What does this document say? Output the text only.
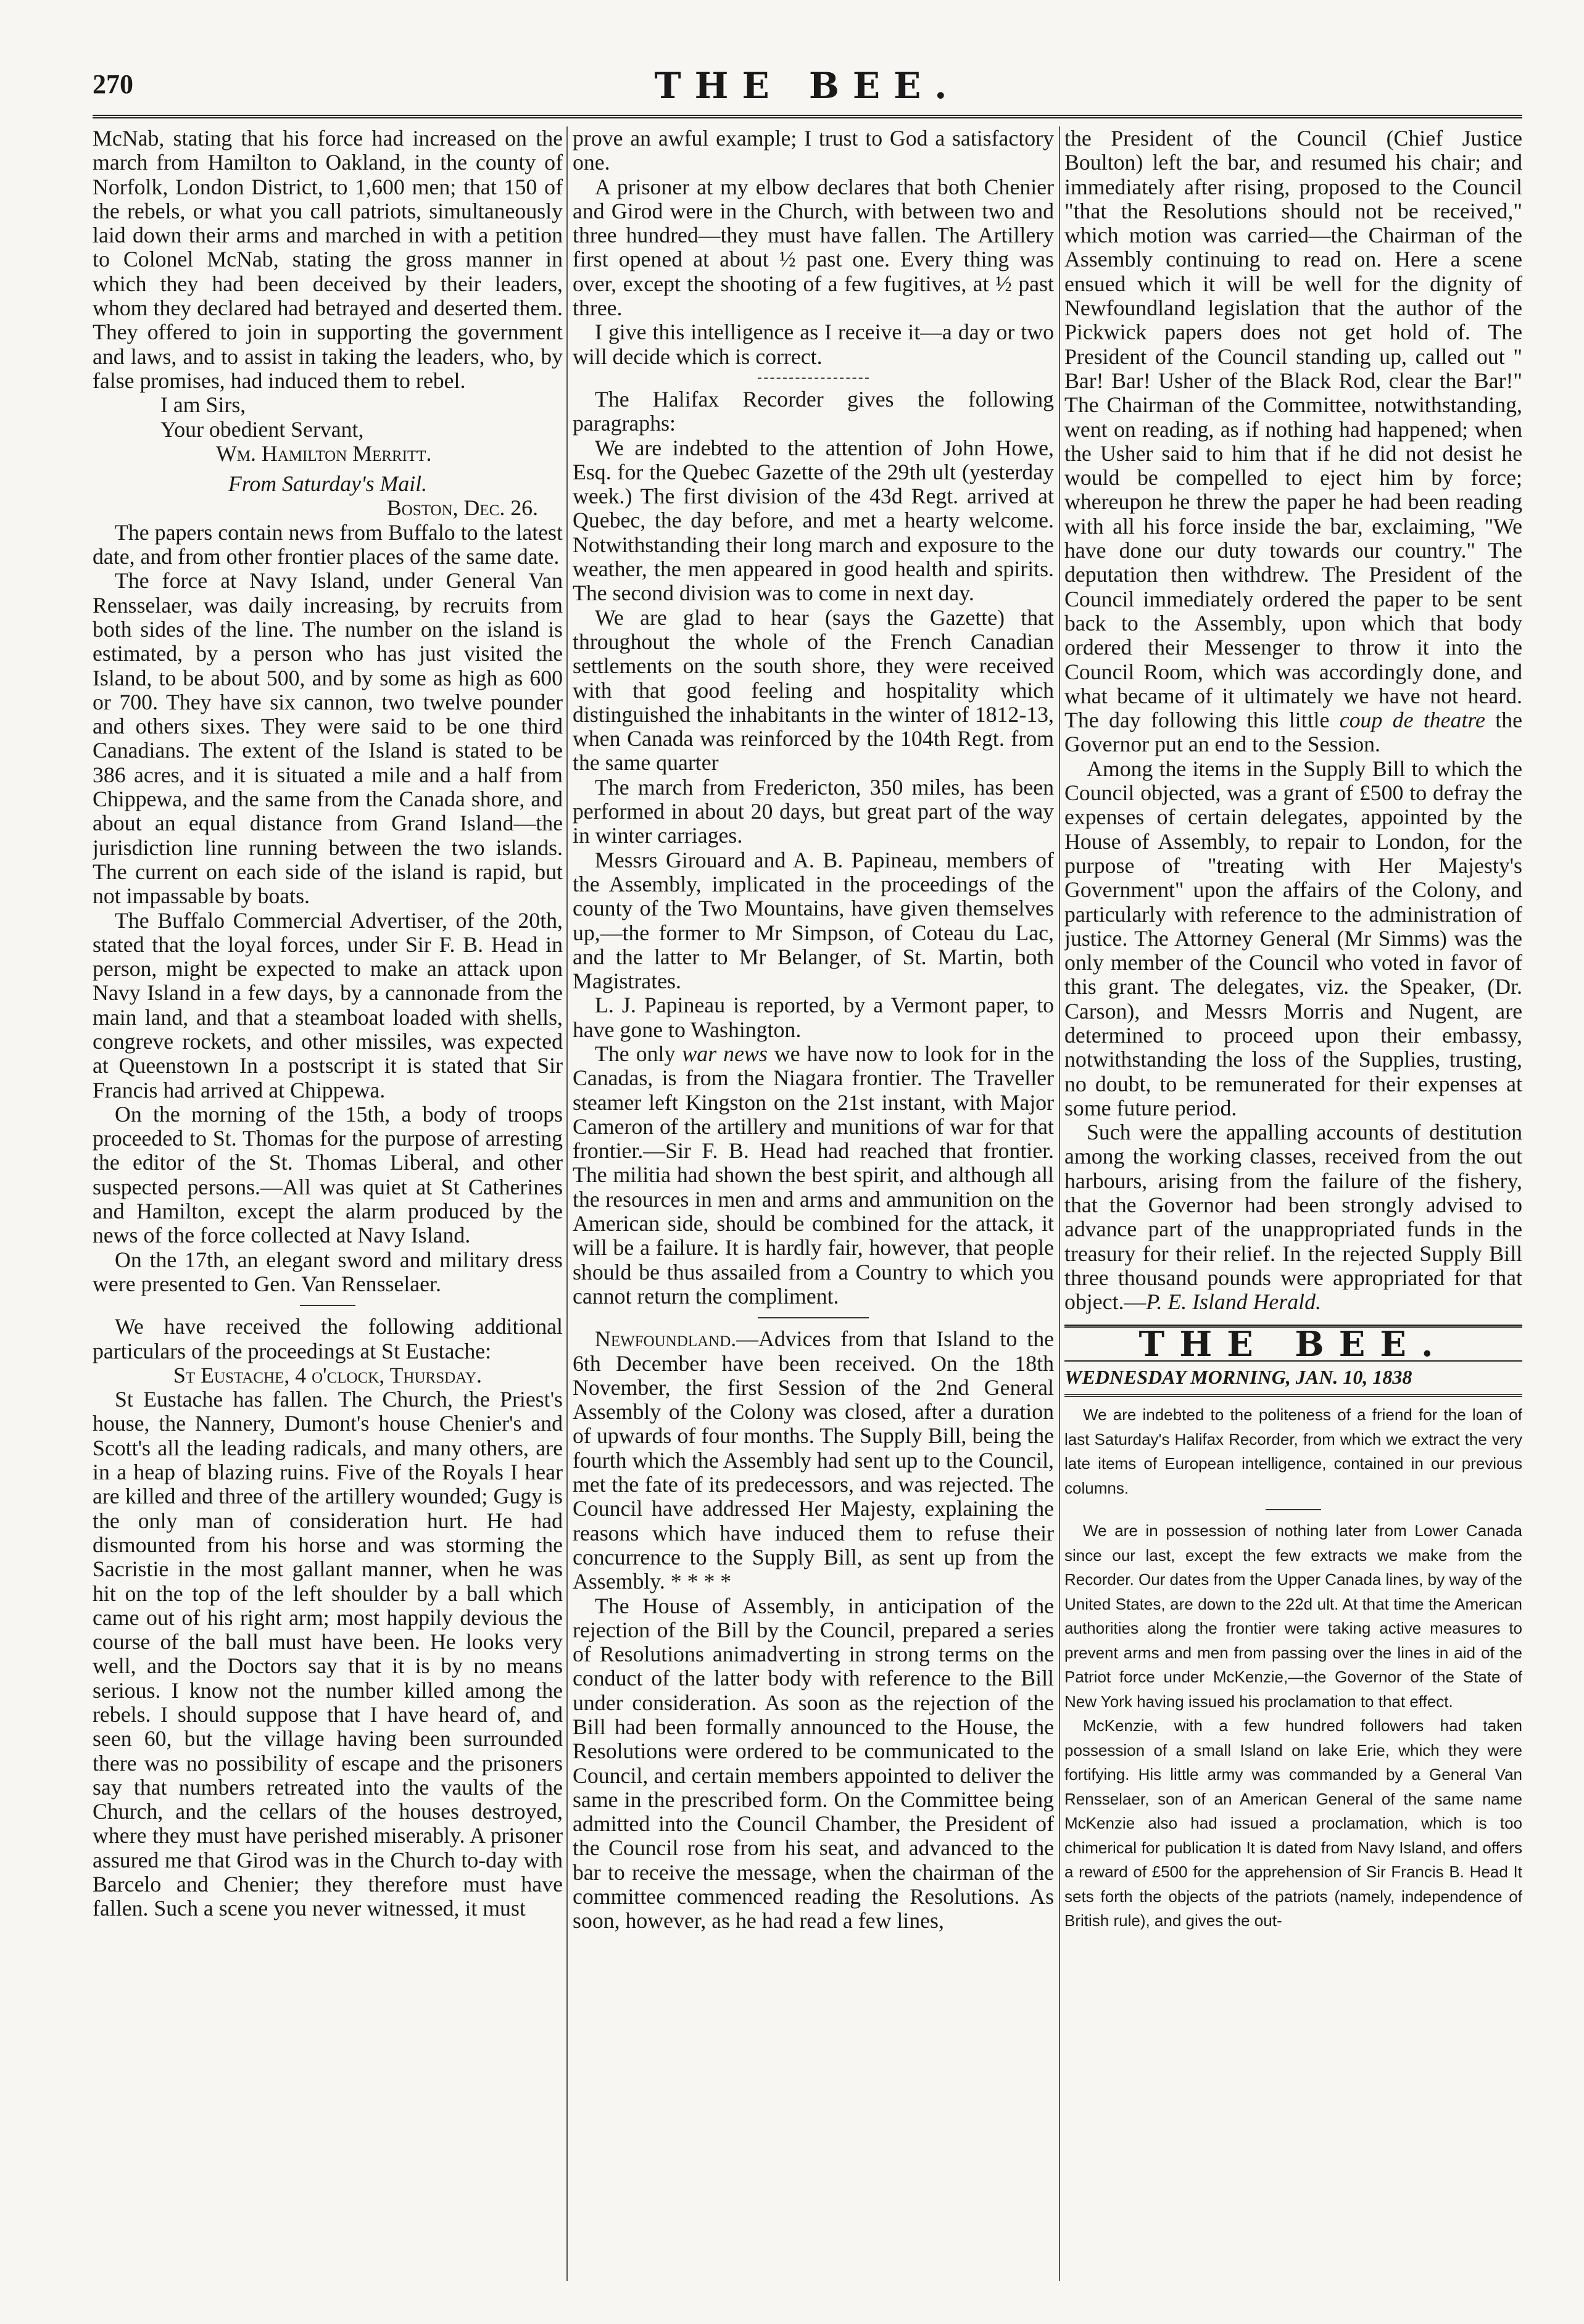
270	THE BEE.

McNab, stating that his force had increased on the march from Hamilton to Oakland, in the county of Norfolk, London District, to 1,600 men; that 150 of the rebels, or what you call patriots, simultaneously laid down their arms and marched in with a petition to Colonel McNab, stating the gross manner in which they had been deceived by their leaders, whom they declared had betrayed and deserted them. They offered to join in supporting the government and laws, and to assist in taking the leaders, who, by false promises, had induced them to rebel.

I am Sirs,

Your obedient Servant,

Wm. Hamilton Merritt.

From Saturday's Mail.

Boston, Dec. 26.

The papers contain news from Buffalo to the latest date, and from other frontier places of the same date.

The force at Navy Island, under General Van Rensselaer, was daily increasing, by recruits from both sides of the line. The number on the island is estimated, by a person who has just visited the Island, to be about 500, and by some as high as 600 or 700. They have six cannon, two twelve pounder and others sixes. They were said to be one third Canadians. The extent of the Island is stated to be 386 acres, and it is situated a mile and a half from Chippewa, and the same from the Canada shore, and about an equal distance from Grand Island—the jurisdiction line running between the two islands. The current on each side of the island is rapid, but not impassable by boats.

The Buffalo Commercial Advertiser, of the 20th, stated that the loyal forces, under Sir F. B. Head in person, might be expected to make an attack upon Navy Island in a few days, by a cannonade from the main land, and that a steamboat loaded with shells, congreve rockets, and other missiles, was expected at Queenstown In a postscript it is stated that Sir Francis had arrived at Chippewa.

On the morning of the 15th, a body of troops proceeded to St. Thomas for the purpose of arresting the editor of the St. Thomas Liberal, and other suspected persons.—All was quiet at St Catherines and Hamilton, except the alarm produced by the news of the force collected at Navy Island.

On the 17th, an elegant sword and military dress were presented to Gen. Van Rensselaer.

We have received the following additional particulars of the proceedings at St Eustache:

St Eustache, 4 o'clock, Thursday.

St Eustache has fallen. The Church, the Priest's house, the Nannery, Dumont's house Chenier's and Scott's all the leading radicals, and many others, are in a heap of blazing ruins. Five of the Royals I hear are killed and three of the artillery wounded; Gugy is the only man of consideration hurt. He had dismounted from his horse and was storming the Sacristie in the most gallant manner, when he was hit on the top of the left shoulder by a ball which came out of his right arm; most happily devious the course of the ball must have been. He looks very well, and the Doctors say that it is by no means serious. I know not the number killed among the rebels. I should suppose that I have heard of, and seen 60, but the village having been surrounded there was no possibility of escape and the prisoners say that numbers retreated into the vaults of the Church, and the cellars of the houses destroyed, where they must have perished miserably. A prisoner assured me that Girod was in the Church to-day with Barcelo and Chenier; they therefore must have fallen. Such a scene you never witnessed, it must

prove an awful example; I trust to God a satisfactory one.

A prisoner at my elbow declares that both Chenier and Girod were in the Church, with between two and three hundred—they must have fallen. The Artillery first opened at about ½ past one. Every thing was over, except the shooting of a few fugitives, at ½ past three.

I give this intelligence as I receive it—a day or two will decide which is correct.

The Halifax Recorder gives the following paragraphs:

We are indebted to the attention of John Howe, Esq. for the Quebec Gazette of the 29th ult (yesterday week.) The first division of the 43d Regt. arrived at Quebec, the day before, and met a hearty welcome. Notwithstanding their long march and exposure to the weather, the men appeared in good health and spirits. The second division was to come in next day.

We are glad to hear (says the Gazette) that throughout the whole of the French Canadian settlements on the south shore, they were received with that good feeling and hospitality which distinguished the inhabitants in the winter of 1812-13, when Canada was reinforced by the 104th Regt. from the same quarter

The march from Fredericton, 350 miles, has been performed in about 20 days, but great part of the way in winter carriages.

Messrs Girouard and A. B. Papineau, members of the Assembly, implicated in the proceedings of the county of the Two Mountains, have given themselves up,—the former to Mr Simpson, of Coteau du Lac, and the latter to Mr Belanger, of St. Martin, both Magistrates.

L. J. Papineau is reported, by a Vermont paper, to have gone to Washington.

The only war news we have now to look for in the Canadas, is from the Niagara frontier. The Traveller steamer left Kingston on the 21st instant, with Major Cameron of the artillery and munitions of war for that frontier.—Sir F. B. Head had reached that frontier. The militia had shown the best spirit, and although all the resources in men and arms and ammunition on the American side, should be combined for the attack, it will be a failure. It is hardly fair, however, that people should be thus assailed from a Country to which you cannot return the compliment.

Newfoundland.—Advices from that Island to the 6th December have been received. On the 18th November, the first Session of the 2nd General Assembly of the Colony was closed, after a duration of upwards of four months. The Supply Bill, being the fourth which the Assembly had sent up to the Council, met the fate of its predecessors, and was rejected. The Council have addressed Her Majesty, explaining the reasons which have induced them to refuse their concurrence to the Supply Bill, as sent up from the Assembly. * * * *

The House of Assembly, in anticipation of the rejection of the Bill by the Council, prepared a series of Resolutions animadverting in strong terms on the conduct of the latter body with reference to the Bill under consideration. As soon as the rejection of the Bill had been formally announced to the House, the Resolutions were ordered to be communicated to the Council, and certain members appointed to deliver the same in the prescribed form. On the Committee being admitted into the Council Chamber, the President of the Council rose from his seat, and advanced to the bar to receive the message, when the chairman of the committee commenced reading the Resolutions. As soon, however, as he had read a few lines,

the President of the Council (Chief Justice Boulton) left the bar, and resumed his chair; and immediately after rising, proposed to the Council "that the Resolutions should not be received," which motion was carried—the Chairman of the Assembly continuing to read on. Here a scene ensued which it will be well for the dignity of Newfoundland legislation that the author of the Pickwick papers does not get hold of. The President of the Council standing up, called out " Bar! Bar! Usher of the Black Rod, clear the Bar!" The Chairman of the Committee, notwithstanding, went on reading, as if nothing had happened; when the Usher said to him that if he did not desist he would be compelled to eject him by force; whereupon he threw the paper he had been reading with all his force inside the bar, exclaiming, "We have done our duty towards our country." The deputation then withdrew. The President of the Council immediately ordered the paper to be sent back to the Assembly, upon which that body ordered their Messenger to throw it into the Council Room, which was accordingly done, and what became of it ultimately we have not heard. The day following this little coup de theatre the Governor put an end to the Session.

Among the items in the Supply Bill to which the Council objected, was a grant of £500 to defray the expenses of certain delegates, appointed by the House of Assembly, to repair to London, for the purpose of "treating with Her Majesty's Government" upon the affairs of the Colony, and particularly with reference to the administration of justice. The Attorney General (Mr Simms) was the only member of the Council who voted in favor of this grant. The delegates, viz. the Speaker, (Dr. Carson), and Messrs Morris and Nugent, are determined to proceed upon their embassy, notwithstanding the loss of the Supplies, trusting, no doubt, to be remunerated for their expenses at some future period.

Such were the appalling accounts of destitution among the working classes, received from the out harbours, arising from the failure of the fishery, that the Governor had been strongly advised to advance part of the unappropriated funds in the treasury for their relief. In the rejected Supply Bill three thousand pounds were appropriated for that object.—P. E. Island Herald.

THE BEE.

WEDNESDAY MORNING, JAN. 10, 1838

We are indebted to the politeness of a friend for the loan of last Saturday's Halifax Recorder, from which we extract the very late items of European intelligence, contained in our previous columns.

We are in possession of nothing later from Lower Canada since our last, except the few extracts we make from the Recorder. Our dates from the Upper Canada lines, by way of the United States, are down to the 22d ult. At that time the American authorities along the frontier were taking active measures to prevent arms and men from passing over the lines in aid of the Patriot force under McKenzie,—the Governor of the State of New York having issued his proclamation to that effect.

McKenzie, with a few hundred followers had taken possession of a small Island on lake Erie, which they were fortifying. His little army was commanded by a General Van Rensselaer, son of an American General of the same name McKenzie also had issued a proclamation, which is too chimerical for publication It is dated from Navy Island, and offers a reward of £500 for the apprehension of Sir Francis B. Head It sets forth the objects of the patriots (namely, independence of British rule), and gives the out-
